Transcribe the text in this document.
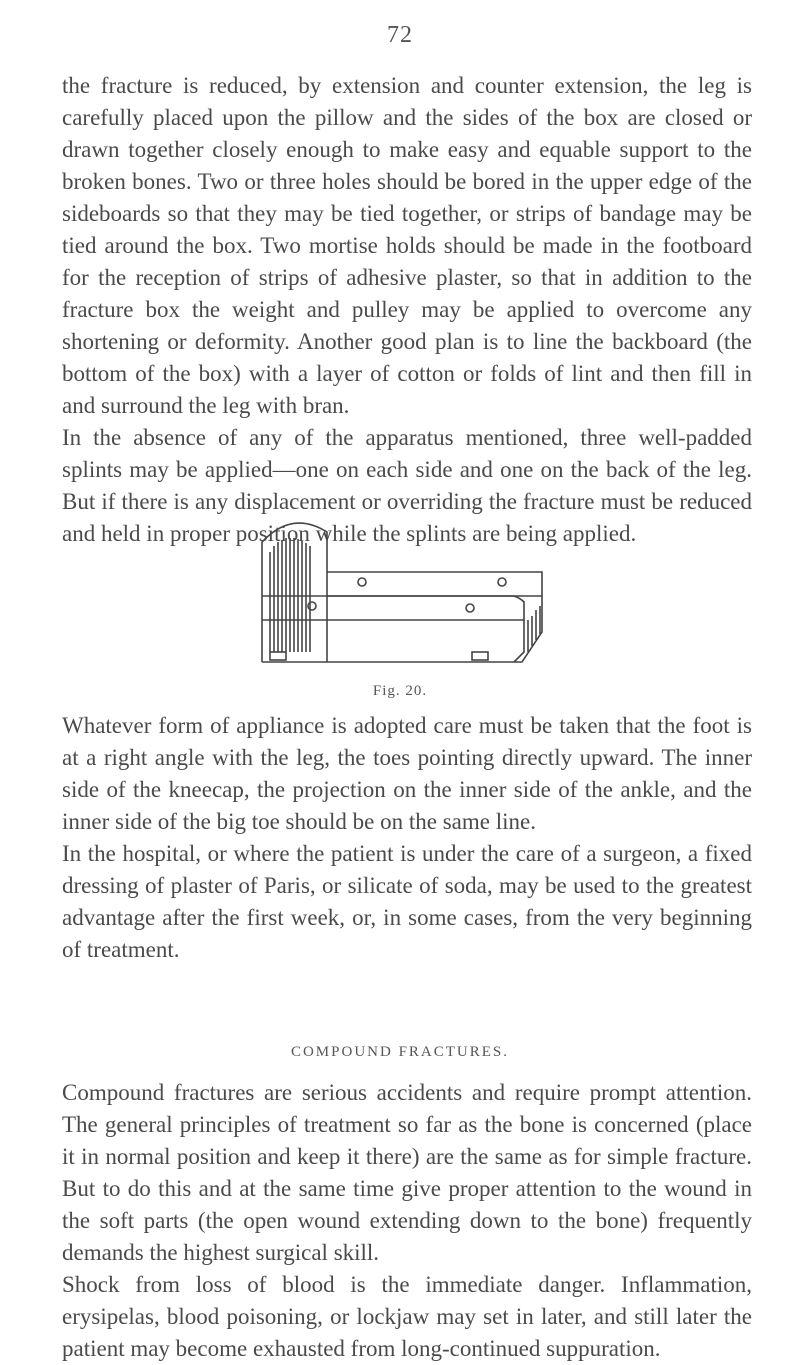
72

the fracture is reduced, by extension and counter extension, the leg is carefully placed upon the pillow and the sides of the box are closed or drawn together closely enough to make easy and equable support to the broken bones. Two or three holes should be bored in the upper edge of the sideboards so that they may be tied together, or strips of bandage may be tied around the box. Two mortise holds should be made in the footboard for the reception of strips of adhesive plaster, so that in addition to the fracture box the weight and pulley may be applied to overcome any shortening or deformity. Another good plan is to line the backboard (the bottom of the box) with a layer of cotton or folds of lint and then fill in and surround the leg with bran.

In the absence of any of the apparatus mentioned, three well-padded splints may be applied—one on each side and one on the back of the leg. But if there is any displacement or overriding the fracture must be reduced and held in proper position while the splints are being applied.

Fig. 20.

Whatever form of appliance is adopted care must be taken that the foot is at a right angle with the leg, the toes pointing directly upward. The inner side of the kneecap, the projection on the inner side of the ankle, and the inner side of the big toe should be on the same line.

In the hospital, or where the patient is under the care of a surgeon, a fixed dressing of plaster of Paris, or silicate of soda, may be used to the greatest advantage after the first week, or, in some cases, from the very beginning of treatment.

COMPOUND FRACTURES.

Compound fractures are serious accidents and require prompt attention. The general principles of treatment so far as the bone is concerned (place it in normal position and keep it there) are the same as for simple fracture. But to do this and at the same time give proper attention to the wound in the soft parts (the open wound extending down to the bone) frequently demands the highest surgical skill.

Shock from loss of blood is the immediate danger. Inflammation, erysipelas, blood poisoning, or lockjaw may set in later, and still later the patient may become exhausted from long-continued suppuration.
